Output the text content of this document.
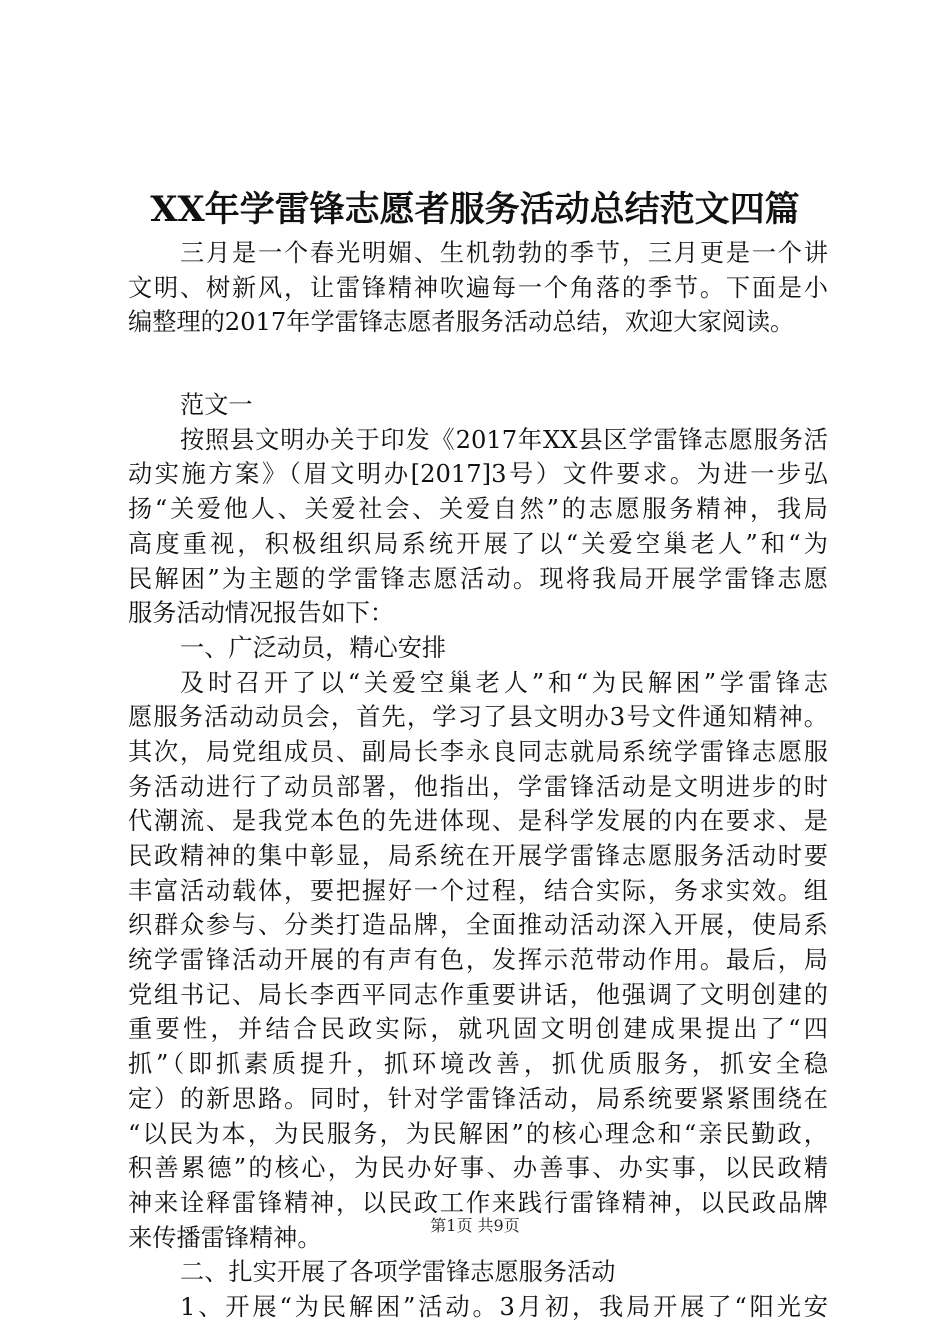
XX年学雷锋志愿者服务活动总结范文四篇
三月是一个春光明媚、生机勃勃的季节，三月更是一个讲
文明、树新风，让雷锋精神吹遍每一个角落的季节。下面是小
编整理的2017年学雷锋志愿者服务活动总结，欢迎大家阅读。
范文一
按照县文明办关于印发《2017年XX县区学雷锋志愿服务活
动实施方案》（眉文明办[2017]3号）文件要求。为进一步弘
扬“关爱他人、关爱社会、关爱自然”的志愿服务精神，我局
高度重视，积极组织局系统开展了以“关爱空巢老人”和“为
民解困”为主题的学雷锋志愿活动。现将我局开展学雷锋志愿
服务活动情况报告如下：
一、广泛动员，精心安排
及时召开了以“关爱空巢老人”和“为民解困”学雷锋志
愿服务活动动员会，首先，学习了县文明办3号文件通知精神。
其次，局党组成员、副局长李永良同志就局系统学雷锋志愿服
务活动进行了动员部署，他指出，学雷锋活动是文明进步的时
代潮流、是我党本色的先进体现、是科学发展的内在要求、是
民政精神的集中彰显，局系统在开展学雷锋志愿服务活动时要
丰富活动载体，要把握好一个过程，结合实际，务求实效。组
织群众参与、分类打造品牌，全面推动活动深入开展，使局系
统学雷锋活动开展的有声有色，发挥示范带动作用。最后，局
党组书记、局长李西平同志作重要讲话，他强调了文明创建的
重要性，并结合民政实际，就巩固文明创建成果提出了“四
抓”（即抓素质提升，抓环境改善，抓优质服务，抓安全稳
定）的新思路。同时，针对学雷锋活动，局系统要紧紧围绕在
“以民为本，为民服务，为民解困”的核心理念和“亲民勤政，
积善累德”的核心，为民办好事、办善事、办实事，以民政精
神来诠释雷锋精神，以民政工作来践行雷锋精神，以民政品牌
来传播雷锋精神。
二、扎实开展了各项学雷锋志愿服务活动
1、开展“为民解困”活动。3月初，我局开展了“阳光安
第1页 共9页
